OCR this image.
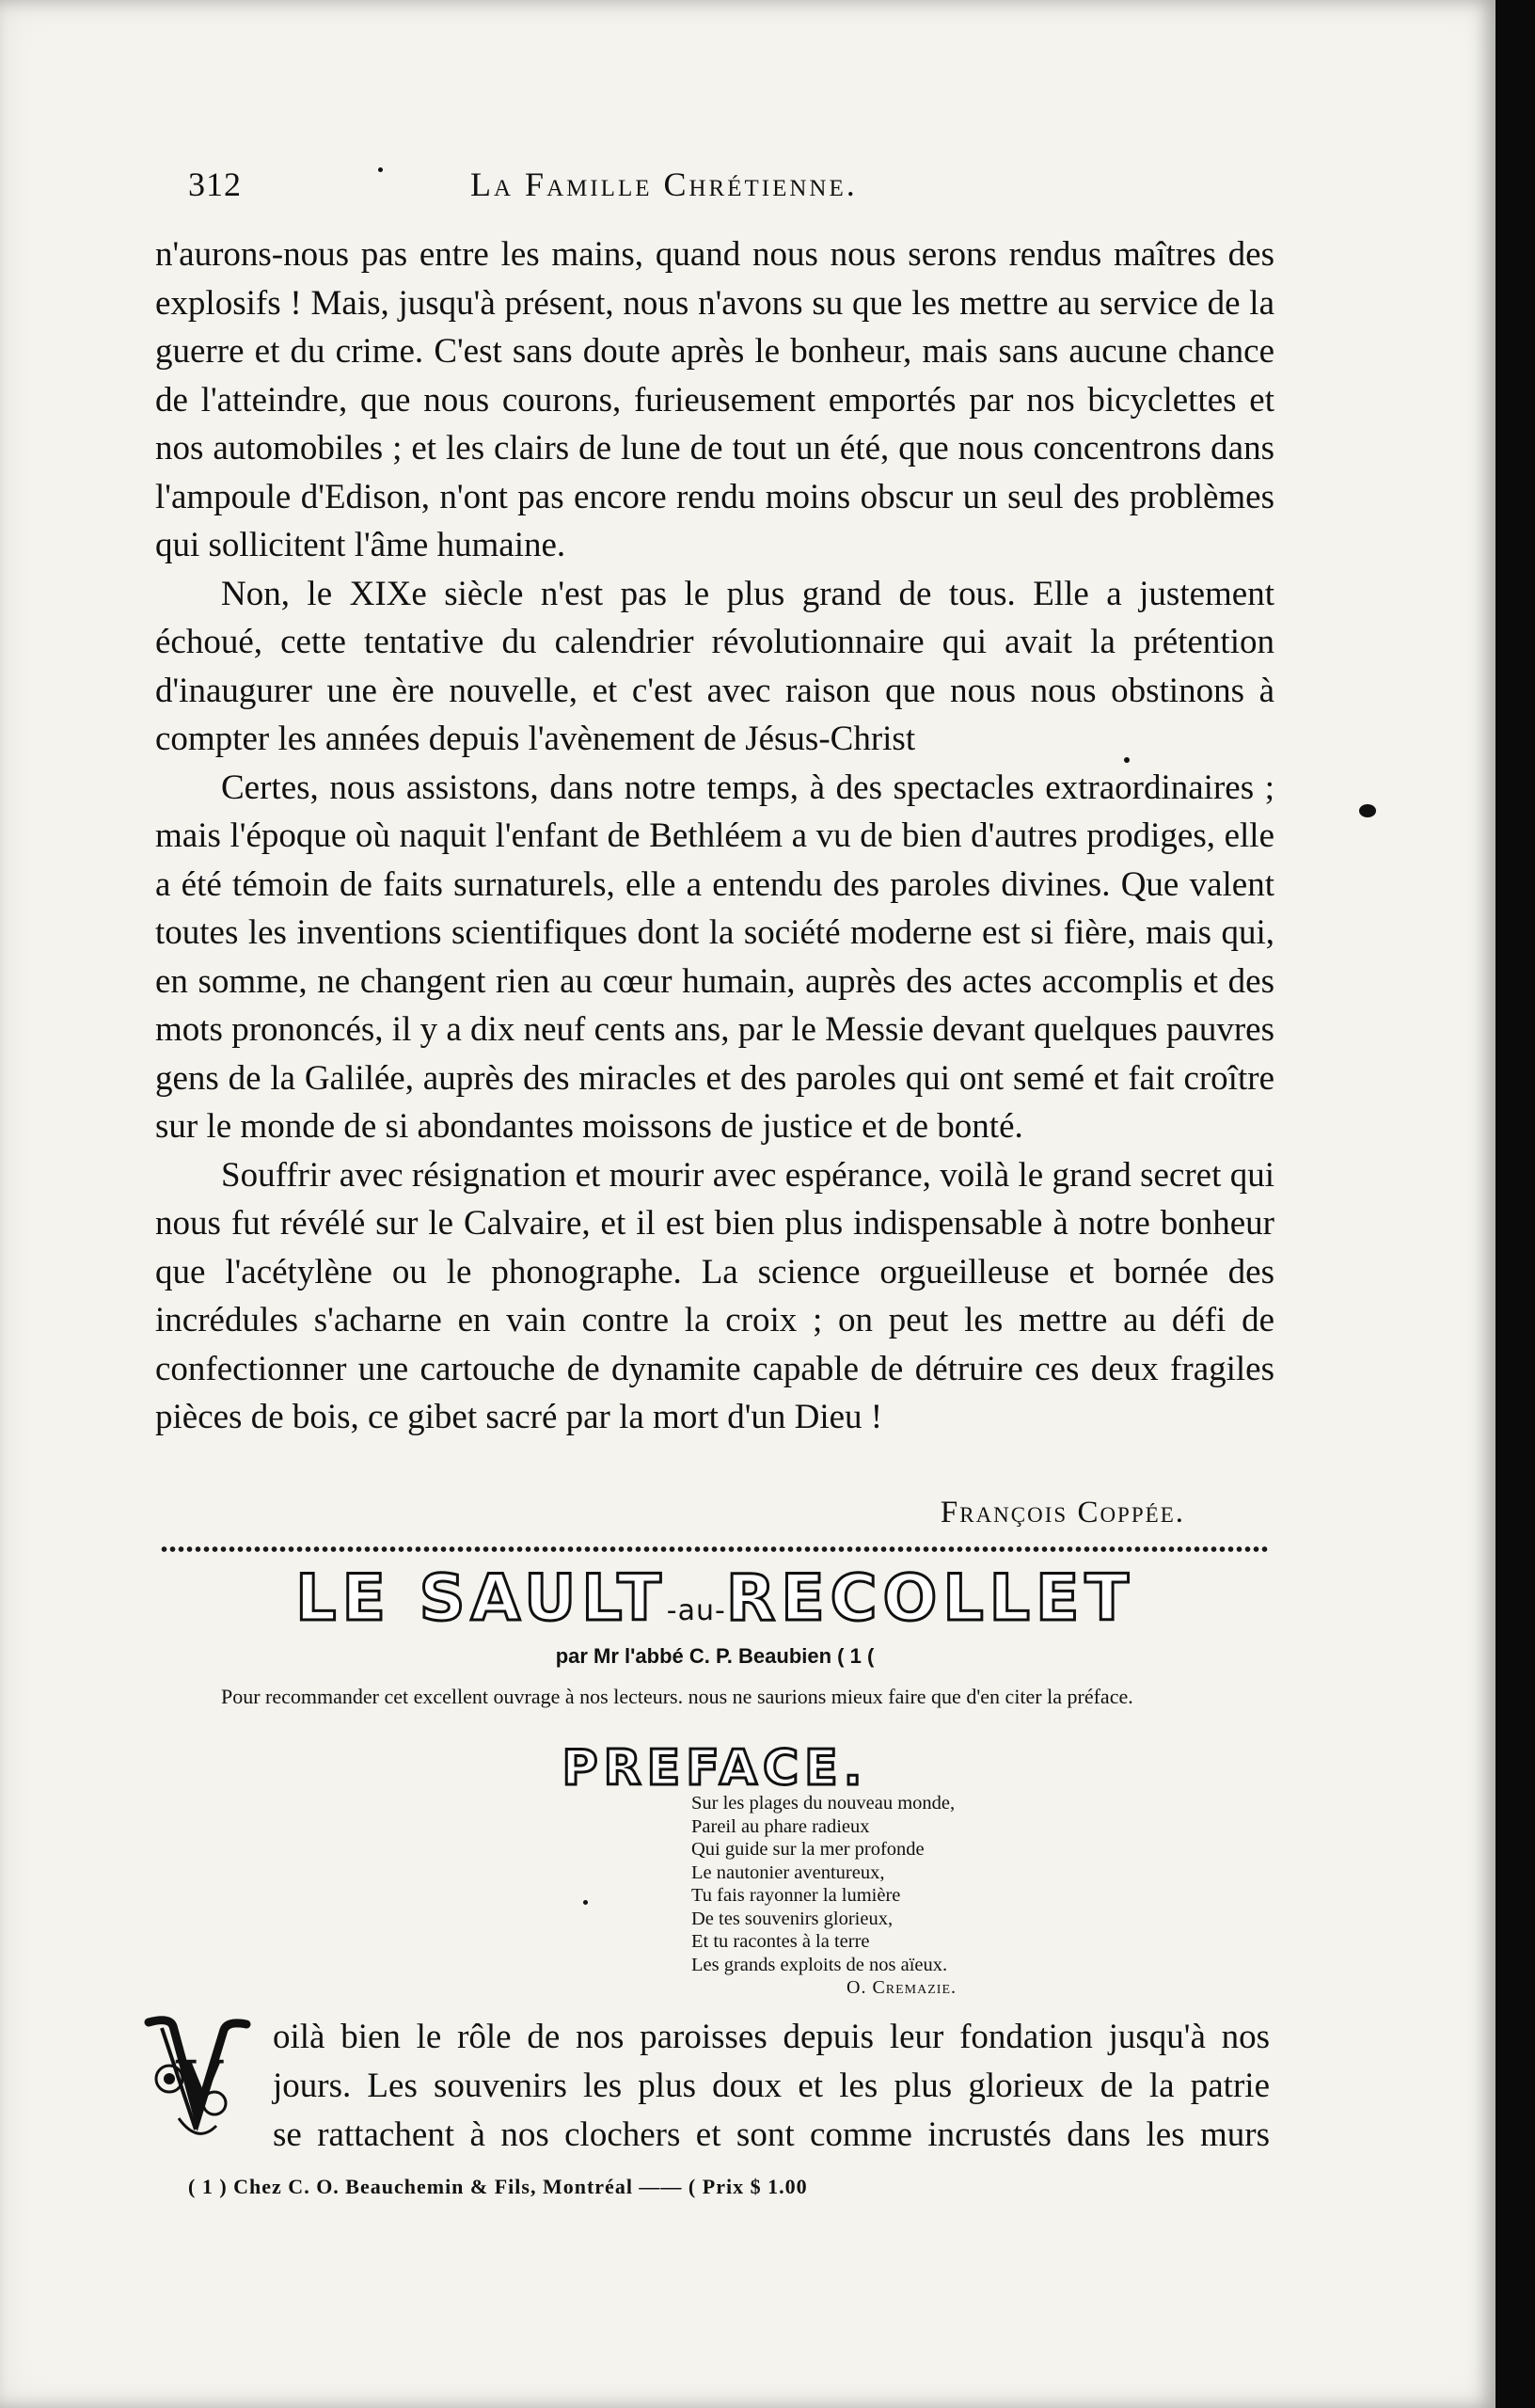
312	La Famille Chrétienne.

n'aurons-nous pas entre les mains, quand nous nous serons rendus maîtres des explosifs ! Mais, jusqu'à présent, nous n'avons su que les mettre au service de la guerre et du crime. C'est sans doute après le bonheur, mais sans aucune chance de l'atteindre, que nous courons, furieusement emportés par nos bicyclettes et nos automobiles ; et les clairs de lune de tout un été, que nous concentrons dans l'ampoule d'Edison, n'ont pas encore rendu moins obscur un seul des problèmes qui sollicitent l'âme humaine.

Non, le XIXe siècle n'est pas le plus grand de tous. Elle a justement échoué, cette tentative du calendrier révolutionnaire qui avait la prétention d'inaugurer une ère nouvelle, et c'est avec raison que nous nous obstinons à compter les années depuis l'avènement de Jésus-Christ

Certes, nous assistons, dans notre temps, à des spectacles extraordinaires ; mais l'époque où naquit l'enfant de Bethléem a vu de bien d'autres prodiges, elle a été témoin de faits surnaturels, elle a entendu des paroles divines. Que valent toutes les inventions scientifiques dont la société moderne est si fière, mais qui, en somme, ne changent rien au cœur humain, auprès des actes accomplis et des mots prononcés, il y a dix neuf cents ans, par le Messie devant quelques pauvres gens de la Galilée, auprès des miracles et des paroles qui ont semé et fait croître sur le monde de si abondantes moissons de justice et de bonté.

Souffrir avec résignation et mourir avec espérance, voilà le grand secret qui nous fut révélé sur le Calvaire, et il est bien plus indispensable à notre bonheur que l'acétylène ou le phonographe. La science orgueilleuse et bornée des incrédules s'acharne en vain contre la croix ; on peut les mettre au défi de confectionner une cartouche de dynamite capable de détruire ces deux fragiles pièces de bois, ce gibet sacré par la mort d'un Dieu !

François Coppée.
LE SAULT-au-RECOLLET
par Mr l'abbé C. P. Beaubien ( 1 (
Pour recommander cet excellent ouvrage à nos lecteurs. nous ne saurions mieux faire que d'en citer la préface.
PREFACE.
Sur les plages du nouveau monde,
Pareil au phare radieux
Qui guide sur la mer profonde
Le nautonier aventureux,
Tu fais rayonner la lumière
De tes souvenirs glorieux,
Et tu racontes à la terre
Les grands exploits de nos aïeux.
O. Cremazie.
V
oilà bien le rôle de nos paroisses depuis leur fondation jusqu'à nos
jours. Les souvenirs les plus doux et les plus glorieux de la patrie
se rattachent à nos clochers et sont comme incrustés dans les murs
( 1 ) Chez C. O. Beauchemin & Fils, Montréal —— ( Prix $ 1.00
